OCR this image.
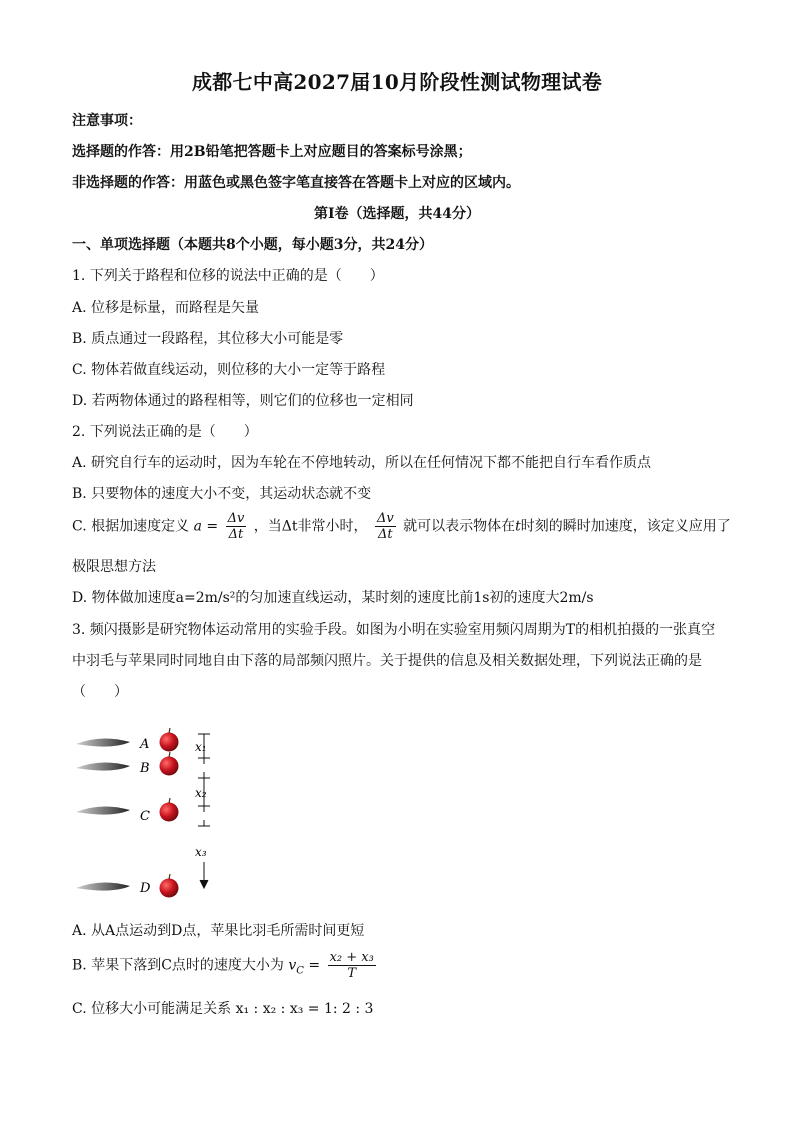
成都七中高2027届10月阶段性测试物理试卷
注意事项：
选择题的作答：用2B铅笔把答题卡上对应题目的答案标号涂黑；
非选择题的作答：用蓝色或黑色签字笔直接答在答题卡上对应的区域内。
第Ⅰ卷（选择题，共44分）
一、单项选择题（本题共8个小题，每小题3分，共24分）
1. 下列关于路程和位移的说法中正确的是（　　）
A. 位移是标量，而路程是矢量
B. 质点通过一段路程，其位移大小可能是零
C. 物体若做直线运动，则位移的大小一定等于路程
D. 若两物体通过的路程相等，则它们的位移也一定相同
2. 下列说法正确的是（　　）
A. 研究自行车的运动时，因为车轮在不停地转动，所以在任何情况下都不能把自行车看作质点
B. 只要物体的速度大小不变，其运动状态就不变
C. 根据加速度定义 $a = \frac{\Delta v}{\Delta t}$ ，当Δt非常小时， $\frac{\Delta v}{\Delta t}$ 就可以表示物体在t时刻的瞬时加速度，该定义应用了
极限思想方法
D. 物体做加速度a=2m/s²的匀加速直线运动，某时刻的速度比前1s初的速度大2m/s
3. 频闪摄影是研究物体运动常用的实验手段。如图为小明在实验室用频闪周期为T的相机拍摄的一张真空
中羽毛与苹果同时同地自由下落的局部频闪照片。关于提供的信息及相关数据处理，下列说法正确的是
（　　）
A
B
C
D
x₁
x₂
x₃
A. 从A点运动到D点，苹果比羽毛所需时间更短
B. 苹果下落到C点时的速度大小为 $v_C = \frac{\text{x₂ + x₃}}{T}$
C. 位移大小可能满足关系 x₁ : x₂ : x₃ = 1: 2 : 3
